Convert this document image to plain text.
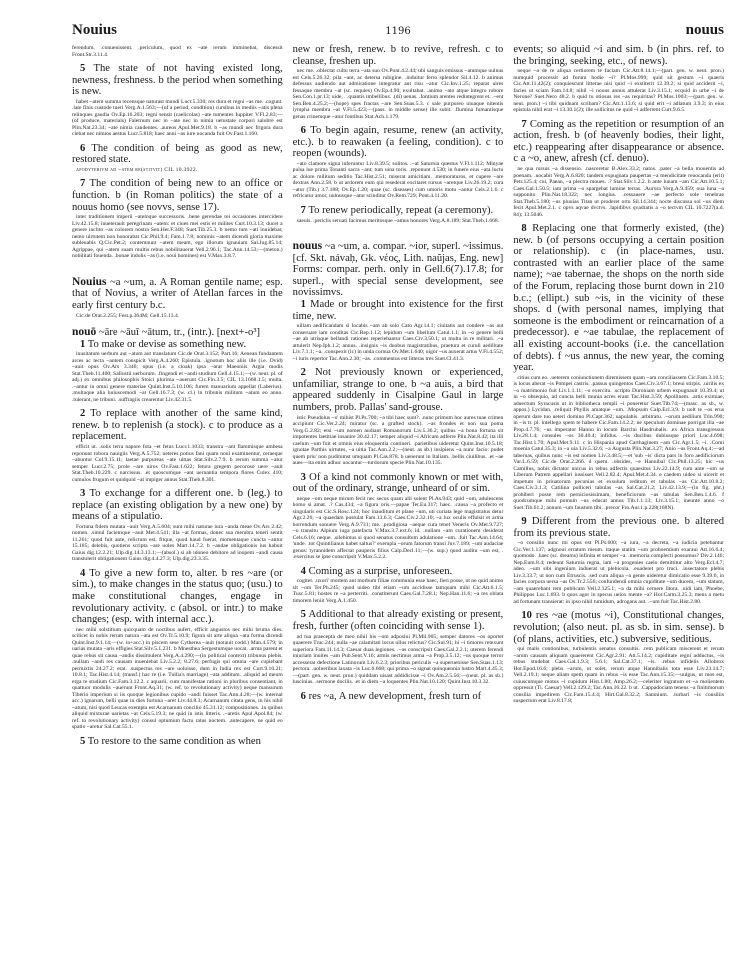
Nouius	1196	nouus

ferendum. .conuenissent. .periculum, quod ex ~ate rerum imminebat, discessit Front.Str.3.11.4.

5 The state of not having existed long, newness, freshness. b the period when something is new.

habet ~atem summa recensque naturast mundi Lucr.5.330; res dura et regni ~as me. .cogunt. .late finis custode tueri Verg.A.1.563;—(of a period, condition) cursibus in mediis ~atis plena relinques gaudia Ov.Ep.16.203; regni sensit (caelicolas) ~ate tumentes Iuppiter V.Fl.2.83;—(of produce, materials) Falernum nec in ~ate nec in nimia uetustate corpori salubre est Plin.Nat.23.34; ~ate nimia candentes. .aureos Apul.Met.9.18. b ~as mundi nec frigora dura ciebat nec nimios aestus Lucr.5.818; haec anni ~as iure uocanda fuit Ov.Fast.1.160.

6 The condition of being as good as new, restored state.

apodyterivm ad ~atem re(stitvit) CIL 10.3922.

7 The condition of being new to an office or function. b (in Roman politics) the state of a nouus homo (see novvs, sense 17).

inter traditionem imperii ~atemque successoris. .bene gerendae rei occasiones intercidere Liv.42.15.8; inueterauit peregrinam ~atem: et ciues mei estis et milites Curt.10.3.13; ducet a genere inclito ~as colorem nostra Sen.Her.F.348; Suet.Tib.25.3. b nemo tum ~ati inuidebat; nemo uirtutem non honorabat Cic.Phil.9.4; Fam.1.7.8; nominis ~atem dicendi gloria maxime subleuabis Q.Cic.Pet.2; contemnunt ~atem meam, ego illorum ignauiam Sal.Jug.85.14; Agrippae, qui ~atem suam multis rebus nobilitauerat Vell.2.96.1; Tac.Ann.14.53;—(meton.) nobilitati fouenda. .bonae indolis ~as (i.e. noui homines) est V.Max.3.8.7.

Nouius ~a ~um, a. A Roman gentile name; esp. that of Novius, a writer of Atellan farces in the early first century b.c.

Cic.de Orat.2.255; Fest.p.364M; Gell.15.13.4.

nouō ~āre ~āuī ~ātum, tr., (intr.). [next+-o³]

1 To make or devise as something new.

inusitatum uerbum aut ~atum aut translatum Cic.de Orat.3.152; Part.16; Aenean fundantem arces ac tecta ~antem conspicit Verg.A.4.260; Epistula. .ignotum hoc aliis ille (i.e. Ovid) ~auit opus Ov.Ars 3.346; opus (i.e. a cloak) ipsa ~arat Maeoniis Argia modis Stat.Theb.11.400; Sallustii uerborum. .fingendi et ~andi studium Gell.4.15.1;—(w. neut. pl. of adj.) ex omnibus philosophis Stoici plurima ~auerunt Cic.Fin.3.5; CIL 13.1668.1.5; multa. .~antur in omni genere materiae Quint.Inst.5.10.106; furem manuarium appellat (Laberius). .multaque alia huiuscemodi ~at Gell.16.7.3; (w. cl.) in tribunis militum ~atum eo anno. .tulerant, ne tribuni. .suffragiis crearentur Liv.42.31.5.

2 To replace with another of the same kind, renew. b to replenish (a stock). c to produce as a replacement.

efficit ut. .solis terra napore fota ~et fetus Lucr.1.1033; transtra ~ant flammisque ambesa reponunt robora nauigiis Verg.A.5.752; ueteres potius fani quam noui examinentur, ceraeque ~abuntur Col.9.15.11; laetae purpureas ~ate uittas Stat.Silv.2.7.9. b rerum summa ~atur semper Lucr.2.75; prole ~are uiros Ov.Fast.1.622; fetura gregem pecoroso uere ~auit Stat.Theb.10.229. c narcissus. .et quoscumque ~ant uernantia tempora flores Culex 410; cumulos frugum et quidquid ~at impiger annus Stat.Theb.8.301.

3 To exchange for a different one. b (leg.) to replace (an existing obligation by a new one) by means of a stipulatio.

Fortuna fidem mutata ~auit Verg.A.5.604; sunt mihi naturae iura ~anda meae Ov.Ars 2.42; nomen. .simul faciemque ~auit Met.4.541; illa ~at formas, donec sua membra teneri sentit 11.261; quod fuit ante, relictum est, fitque, quod haud fuerat, momentaque cuncta ~antur 15.185; delebis, quotiens scripta ~are uoles Mart.14.7.2. b ~andae obligationis ius habuit Gaius dig.12.2.21; Ulp.dig.14.3.13.1;—(absol.) si ab idoneo debitore ad inopem ~andi causa transtulerit obligationem Gaius dig.4.4.27.3; Ulp.dig.23.3.35.

4 To give a new form to, alter. b res ~are (or sim.), to make changes in the status quo; (usu.) to make constitutional changes, engage in revolutionary activity. c (absol. or intr.) to make changes; (esp. with internal acc.).

nec mihi solstitium quicquam de noctibus aufert, efficit angustos nec mihi bruma dies. scilicet in nobis rerum natura ~ata est Ov.Tr.5.10.9; figura sit arte aliqua ~ata forma dicendi Quint.Inst.9.1.14;—(w. in+acc.) in piscem sese Cytherea ~auit (notauit codd.) Man.4.579; in uarias mutata ~aris effigies Stat.Silv.5.1.231. b Mnesthea Sergestumque uocat. .arma parent et quae rebus sit causa ~andis dissimulent Verg.A.4.290;—(in political context) tribunus plebis. .nullam ~andi res causam inueniebat Liv.5.2.2; 8.27.6; perfugis qui omnia ~are cupiebant permixtis 24.27.2; erat. .suspectus res ~are uoluisse, dum in India rex est Curt.9.10.21; 10.8.1; Tac.Hist.4.14; (transf.) hac re (i.e. Tullia's marriage) ~ata additum. .aliquid ad meum erga te studium Cic.Fam.3.12.2. c aquarii, cum manifestae rationi in pluribus consentiant, in quattuor modulis ~auerunt Front.Aq.31; (w. ref. to revolutionary activity) neque mansurum Tiberio imperium si iis quoque legionibus cupido ~andi fuisset Tac.Ann.4.28;—(w. internal acc.) ignarum, belli quae in dies fortuna ~aret Liv.44.8.3; Acarnanum citata gens, in his nihil ~atum, nisi quod Leucas exempta est Acarnanum concilio 45.31.12; compositiones. .in quibus aliquid mixturae uarietas ~at Cels.5.19.3; ne quid in istis litteris. .~aretis Apul.Apol.84; (w. ref. to revolutionary activity) consul optumum factu ratus noctem. .antecapere, ne quid eo spatio ~aretur Sal.Cat.55.1.

5 To restore to the same condition as when

new or fresh, renew. b to revive, refresh. c to cleanse, freshen up.

nec me. .oblectat cultu terra ~ata suo Ov.Pont.4.2.44; ubi sanguis emissus ~atumque uulnus est Cels.5.26.32; pila ~ant, ac detersa rubigine. .induitur ferro splendor Sil.4.12. b animus defessus audiendo aut admiratione integratur aut risu ~atur Cic.Inv.1.25; reparat uires fessaque membra ~at (sc. requies) Ov.Ep.4.90; exultabat. .animo ~ato atque integro robore Sen.Con.1.pr.13; uide, . .quantis imbellibus. .(di) uenas. .fontium arentes redintegrent et. .~ent Sen.Ben.4.25.2;—(hope) spes fractas ~are Sen.Suas.5.3. c sale purpureo uiuaque nitentis lympha membra ~at V.Fl.5.423;—(pass. in middle sense) ille subit. .flumina fumantisque genas crinemque ~atur fontibus Stat.Ach.1.179.

6 To begin again, resume, renew (an activity, etc.). b to reawaken (a feeling, condition). c to reopen (wounds).

~ato clamore signa inferuntur Liv.8.39.5; solitos. .~at Saturnia questus V.Fl.1.112; Minyae pulsa lue prima Tonanti sacra ~ant; tum uina toris. .reponunt 4.530; in funere eius ~ata luctu ac dolore militum seditio Tac.Hist.2.51; miserat amicitiam. .memoraturos, et cupere ~are dextras Ann.2.58. b ut ardorem eum qui resederat excitaret rursus ~aretque Liv.26.19.2; cura ~atur (Tib.) 3.7.188; Ov.Ep.1.20; quae (sc. diseases) cum umoris motu ~antur Cels.2.1.6. c refricatur amor, uulnusque ~atur scinditur Ov.Rem.729; Pont.4.11.20.

7 To renew periodically, repeat (a ceremony).

saeuis. .periclis seruati facimus meritosque ~amus honores Verg.A.8.189; Stat.Theb.1.668.

nouus ~a ~um, a. compar. ~ior, superl. ~issimus. [cf. Skt. návaḥ, Gk. νέος, Lith. naũjas, Eng. new] Forms: compar. perh. only in Gell.6(7).17.8; for superl., with special sense development, see novissimvs.

1 Made or brought into existence for the first time, new.

uillam aedificandam si locabis ~am ab solo Cato Agr.14.1; ciuitatis aut condere ~as aut conseruare iam conditas Cic.Rep.1.12; lepidum ~um libellum Catul.1.1; in ~o genere belli ~ae ab utrisque bellandi rationes reperiebantur Caes.Civ.3.50.1; ut multa in re militari. .~a attulerit Nep.Iph.1.2; annus. .insignis ~is duobus magistratibus, praetura et curuli aedilitate Liv.7.1.1; ~a. .conspexit (lc) in unda cornua Ov.Met.1.640; uigor ~us auxerat artus V.Fl.4.552; ~i iuris repertor Tac.Ann.2.30; ~as. .commentus est litteras tres Suet.Cl.41.3.

2 Not previously known or experienced, unfamiliar, strange to one. b ~a auis, a bird that appeared suddenly in Cisalpine Gaul in large numbers, prob. Pallas' sand-grouse.

istic Pseudolus ~o' mihist Pl.Ps.700; ~a tibi haec sunt?. .nunc primum hoc aures tuae crimen accipiunt Cic.Ver.2.24; miratur (sc. a grafted stock). .~as frondes et non sua poma Verg.G.2.82; etsi ~um nomen audiant Romanorum Liv.5.36.2; quibus ~a bona fortuna sit impotentes laetitiae insanire 30.42.17; semper aliquid ~i Africam adferre Plin.Nat.8.42; ita illi caelum ~um fuit et omnis eius eloquentia contineri. .parietibus uideretur Quint.Inst.10.5.18; ignotae Parthis uirtutes, ~a uitia Tac.Ann.2.2;—(neut. as sb.) insipiens ~a nunc facio: pudet quem priu' non puditumst umquam Pl.Cas.878. b uenerunt in Italiam. .bellis ciuilibus. .et ~ae aues—ita enim adhuc uocantur—turdorum specie Plin.Nat.10.135.

3 Of a kind not commonly known or met with, out of the ordinary, strange, unheard of or sim.

neque ~om neque mirum fecit nec secus quam alii solent Pl.As.943; quid ~om, adulescens homo si amat. .? Cas.434; ~a figura oris.—papae Ter.Eu.317; haec. .causa ~a profecto et singularis est Cic.S.Rosc.124; hoc inauditum et plane ~um, uti curiata lege magistratus detur Agr.2.26; ~a quaedam postulat Fam.13.6.3; Caes.Civ.2.32.10; ~a lux oculis effulsit et arma horrendum sonuere Verg.A.9.731; me. .prodigiosa ~aeque cura tenet Veneris Ov.Met.9.727; ~o transitu Alpium iuga patefacta V.Max.3.7.ext.6; id. .nullam ~am curationem desiderat Cels.6.16; neque. .silebimus si quod senatus consultum adulatione ~um. .fuit Tac.Ann.14.64; 'unde. .tot Quintilianus habet saltus?' exempla ~orum fatorum transi Juv.7.189; ~um audaciae genus: tyrannidem affectat pauperis filius Calp.Decl.11;—(w. sup.) quod auditu ~um est, . .exercitus se ipse conscripsit V.Max.5.2.2.

4 Coming as a surprise, unforeseen.

cogitet. .uxori' mortem aut morbum filiae communia esse haec, fieri posse, ut ne quid animo sit ~om Ter.Ph.245; quod uideo tibi etiam ~um accidisse tamquam mihi Cic.Att.6.1.5; Tusc.5.81; hostes re ~a perterriti. .constiterunt Caes.Gal.7.28.1; Nep.Han.11.6; ~a res oblata timorem leniit Verg.A.1.450.

5 Additional to that already existing or present, fresh, further (often coinciding with sense 1).

ad tua praecepta de meo nihil his ~om adposiui Pl.Mil.905; semper datores ~os oportet quaerere Truc.244; nulla ~ae calamitati locus ullus relictus? Cic.Sul.91; hi ~i timores retexunt superiora Fam.11.14.3; Caesar duas legiones. .~as conscripsit Caes.Gal.2.2.1; uterem ferendi iniuriam inuites ~am Pub.Sent.V.16; armis nectimus arma ~a Prop.3.5.12; ~us quoque terror accesserat defectione Latinorum Liv.6.2.3; prioribus periculis ~a superuenisse Sen.Suas.1.13; pectora. .uolneribus laxata ~is Luc.6.668; qui prima ~o signat quinquennia lustro Mart.4.45.3;—(part. gen. w. neut. pron.) quiddam uisast addidicisse ~i Ov.Am.2.5.56;—(neut. pl. as sb.) luscinias. .sermone docilis. .et in diem ~a loquentes Plin.Nat.10.120; Quint.Inst.10.3.32.

6 res ~a, A new development, fresh turn of

events; so aliquid ~i and sim. b (in phrs. ref. to the bringing, seeking, etc., of news).

neque ~a de re aliqua certiorem te faciam Cic.Att.8.14.1;—(part. gen. w. neut. pron.) numquid processit ad forum hodie ~i? Pl.Mos.999; quid sit gestum ~i quaeris Cic.Att.11.42(2); conquiescunt litterae nisi quid ~i exstiterit 12.39.2; si quid acciderit ~i, facies ut sciam Fam.14.8; nihil ~i nouus annus attulerat Liv.3.15.1; ecquid in urbe ~i de Nerone? Suet.Nero 48.2. b quid tu otiosus res ~as requiritas? Pl.Mos.1003;—(part. gen. w. neut. pron.) ~i tibi quidnam scribam? Cic.Att.1.13.6; si quid erit ~i adlatum 3.9.3; in eius epistula nihil erat ~i 13.30.1(2); ille sollicitus ne quid ~i adferrent Curt.9.6.5.

7 Coming as the repetition or resumption of an action, fresh. b (of heavenly bodies, their light, etc.) reappearing after disappearance or absence. c a ~o, anew, afresh (cf. denuo).

ne qua rursus ~a dissensio. .nasceretur B.Alex.33.2; natos. .pater ~a bella mouentis ad poenam. .uocabit Verg.A.6.820; tandem expugnata paupertas ~a mendicitate reuocanda (erit) Petr.125.4; cui, Paean, ~a plectra moues. .? Stat.Silv.1.2.2. b ante lunam ~am Cic.Att.10.5.1; Caes.Gal.1.50.5; iam prima ~o spargebat lumine terras. .Aurora Verg.A.9.459; oua luna ~a supponito Plin.Nat.18.322; nec longius. .cessauere ~ae perfecto sole tenebrae Stat.Theb.5.180; ~us pluuias Titan ut proderet ortu Sil.14.344; nocte discussa sol ~us diem fecit Apul.Met.2.1. c opvs aqvae dvctvs. .lapidibvs qvadratis a ~o tectvm CIL 10.7227(a.d. 84); 13.5046.

8 Replacing one that formerly existed, (the) new. b (of persons occupying a certain position or relationship). c (in place-names, usu. contrasted with an earlier place of the same name); ~ae tabernae, the shops on the north side of the Forum, replacing those burnt down in 210 b.c.; (ellipt.) sub ~is, in the vicinity of these shops. d (with personal names, implying that someone is the embodiment or reincarnation of a predecessor). e ~ae tabulae, the replacement of all existing account-books (i.e. the cancellation of debts). f ~us annus, the new year, the coming year.

citius cum eo. .ueterem coniunctionem diremissem quam ~am conciliassem Cic.Fam.3.10.5; is locus aberat ~is Pompei castris. .passus quingentos Caes.Civ.3.67.1; breui stirpis. .uirilis ex ~o matrimonio fuit Liv.1.1.11; ~o exercitu. .scripto Duroniam urbem expugnauit 10.39.4; ut in ~o obsequio, ad cuncta belli munia acres erant Tac.Hist.3.59; Apollinem. .artis eximiae, aduectum Syracusis ut in bibliotheca templi ~i poneretur Suet.Tib.74;—(masc. as sb., w. appos.) Lycidan. .reliquit Phyllis amatque ~um. .Mopsum Calp.Ecl.3.9. b uolt te ~os erus operum dare tuo ueteri domino Pl.Capt.362; uapulabis. .arbitratu. .~orum aedilium Trin.990; in ~is tr. pl. intellego spem te habere Cic.Fam.14.2.2; ne speculum dominae porrigat illa ~ae Prop.4.7.76; ~us imperator Hanno in locum Barcini Hasdrubalis. .ex Africa transgressus Liv.28.1.4; consules ~os 30.40.4; infidus. .~is ducibus dubiusque priori Luc.4.698; Tac.Hist.1.70; Apul.Met.9.11. c in Hispania apud Carthaginem ~am Cic.Agr.1.5; ~i. .Comi moenia Catul.35.3; in ~a uia Liv.5.32.6; ~a Augusta Plin.Nat.3.27; Anio ~us Front.Aq.4;—ad tabernas, quibus nunc ~is est nomen Liv.3.48.5;—et 'sub ~is' dicta pars in foro aedificiorum Var.L.6.59; Cic.de Orat.2.266. d quem. .obsides, ~e Hannibal Cic.Phil.13.25; hic ~us Camillus, nobis dictator unicus in rebus adfectis quaesitus Liv.22.14.9; cum ante ~um se Liberum Patrem appellari iussisset Vell.2.82.4; Apul.Met.4.34. e caedem uideo si uicerit et impetum in priuatorum pecunias et exsulum reditum et tabulas ~as Cic.Att.10.8.2; Caes.Civ.3.1.3; Catilina polliceri tabulas ~as Sal.Cat.21.2; Liv.42.13.9;—(in fig. phr.) prohiberi posse rem perniciosissimam, beneficiorum ~as tabulas Sen.Ben.1.4.6. f quodcumque mihi pomum ~us educat annus Tib.1.1.13; Liv.3.15.1; ineunte anno ~o Suet.Tib.61.2; annum ~um faustum tibi. .precor Fro.Aur.1.p.228(168N).

9 Different from the previous one. b altered from its previous state.

~o consilio nunc mi opus est Pl.Ps.600; ~a iura, ~a decreta, ~a iudicia petebantur Cic.Ver.1.137; adgnoui erratum meum. itaque statim ~um prohoemium exaraui Att.16.6.4; quomodo. .haec (sc. dreams) infinita et semper ~a. .memoria complecti possumus? Div.2.146; Nep.Eum.8.4; redeunt Saturnia regna, iam ~a progenies caelo demittitur alto Verg.Ecl.4.7; adeo. .~um sibi ingenium induerat ut plebicola. .euaderet pro truci. .insectatore plebis Liv.3.33.7; ut non cum Etruscis. .sed cum aliqua ~a gente uideretur dimicatio esse 9.39.6; in facies corpora uersa ~as Ov.Tr.2.556; confundendi omnia cupiditate ~um ducem, ~um statum, ~am quaerebant rem publicam Vell.2.125.1; ~a da mihi cernere litora. .uidi iam, Phoebe, Philippos Luc.1.693. b quos agor in specus uelox mente ~a? Hor.Carm.3.25.3; mens a metu ad fortunam transierat: in ipso nihil tumidum, adrogans aut. .~um fuit Tac.Hist.2.80.

10 res ~ae (motus ~i), Constitutional changes, revolution; (also neut. pl. as sb. in sim. sense). b (of plans, activities, etc.) subversive, seditious.

qui malis contionibus, turbulentis senatus consultis. .rem publicam miscerent et rerum ~arum causam aliquam quaererent Cic.Agr.2.91; Att.5.14.2; cupiditate regni adductus, ~is rebus studebat Caes.Gal.1.9.3; 5.6.1; Sal.Cat.37.1; ~is. .rebus infidelis Allobrox Hor.Epod.16.6; plebs ~arum, ut solet, rerum atque Hannibalis tota esse Liv.23.14.7; Vell.2.19.1; neque aliam spem quam in rebus ~is esse Tac.Ann.15.35;—uulgus, ut mos est, cuiuscumque motus ~i cupidum Hist.1.80; Amp.26.2;—celeriter ingratum et ~a molientem oppressit (Ti. Caesar) Vell.2.129.2; Tac.Ann.16.22. b ut. .Cappadociam tenens ~a finitimorum consilia impedirem Cic.Fam.15.4.4; Hirt.Gal.8.32.2; Samnium. .turbari ~is consiliis suspectum erat Liv.8.17.8;
